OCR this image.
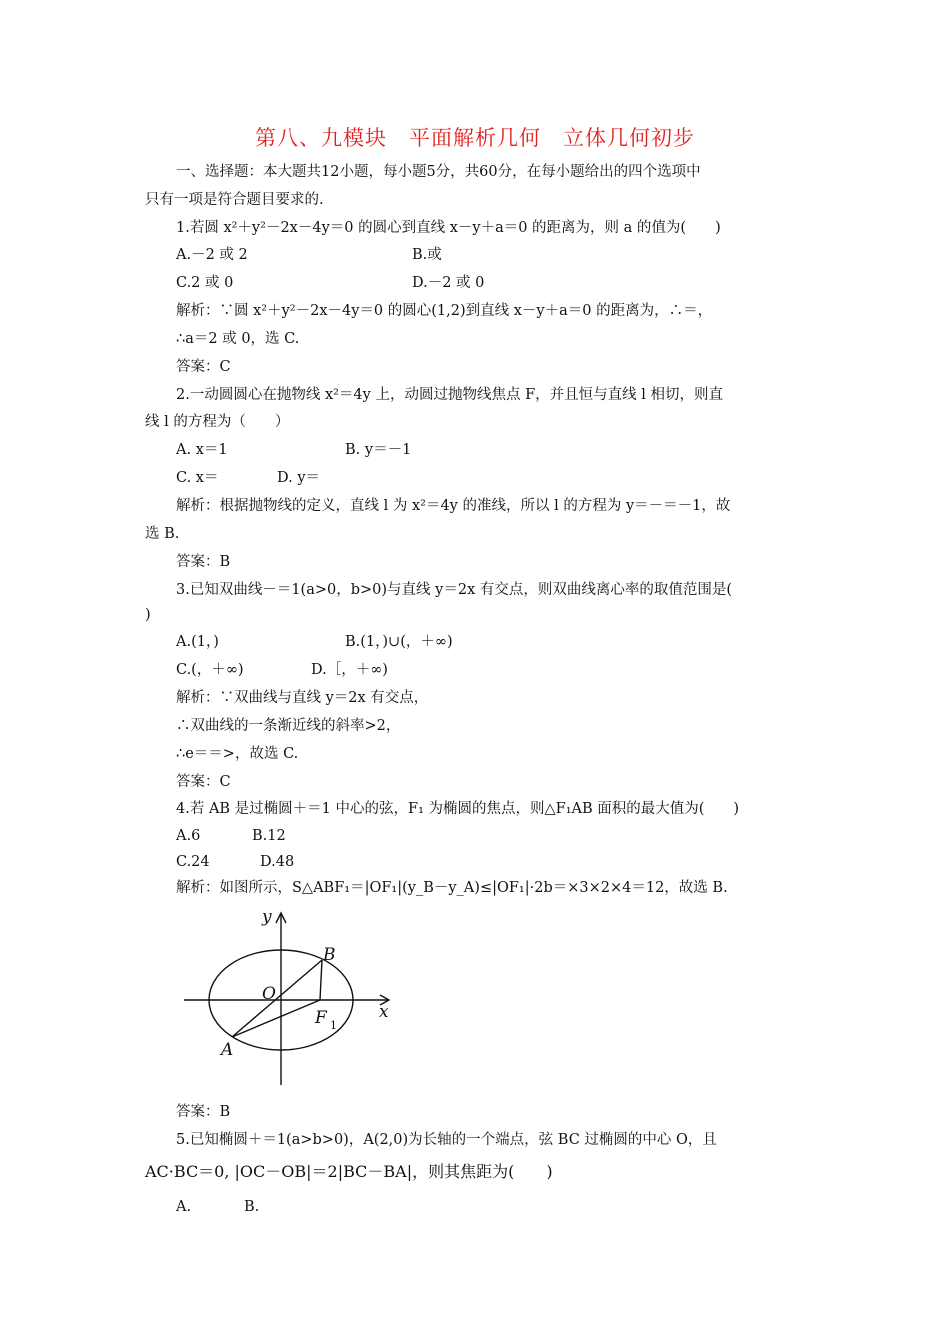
第八、九模块　平面解析几何　立体几何初步
一、选择题：本大题共12小题，每小题5分，共60分，在每小题给出的四个选项中
只有一项是符合题目要求的.
1.若圆 x²＋y²－2x－4y＝0 的圆心到直线 x－y＋a＝0 的距离为，则 a 的值为(　　)
A.－2 或 2	B.或
C.2 或 0	D.－2 或 0
解析：∵圆 x²＋y²－2x－4y＝0 的圆心(1,2)到直线 x－y＋a＝0 的距离为，∴＝，
∴a＝2 或 0，选 C.
答案：C
2.一动圆圆心在抛物线 x²＝4y 上，动圆过抛物线焦点 F，并且恒与直线 l 相切，则直
线 l 的方程为（　　）
A. x＝1	B. y＝－1
C. x＝	D. y＝
解析：根据抛物线的定义，直线 l 为 x²＝4y 的准线，所以 l 的方程为 y＝－＝－1，故
选 B.
答案：B
3.已知双曲线－＝1(a>0，b>0)与直线 y＝2x 有交点，则双曲线离心率的取值范围是(
)
A.(1，)	B.(1，)∪(，＋∞)
C.(，＋∞)	D.［，＋∞)
解析：∵双曲线与直线 y＝2x 有交点，
∴双曲线的一条渐近线的斜率>2，
∴e＝＝>，故选 C.
答案：C
4.若 AB 是过椭圆＋＝1 中心的弦，F₁ 为椭圆的焦点，则△F₁AB 面积的最大值为(　　)
A.6	B.12
C.24	D.48
解析：如图所示，S△ABF₁＝|OF₁|(y_B－y_A)≤|OF₁|·2b＝×3×2×4＝12，故选 B.
y
B
O
x
F 1
A
答案：B
5.已知椭圆＋＝1(a>b>0)，A(2,0)为长轴的一个端点，弦 BC 过椭圆的中心 O，且
AC·BC＝0, |OC－OB|＝2|BC－BA|，则其焦距为(　　)
A.	B.
